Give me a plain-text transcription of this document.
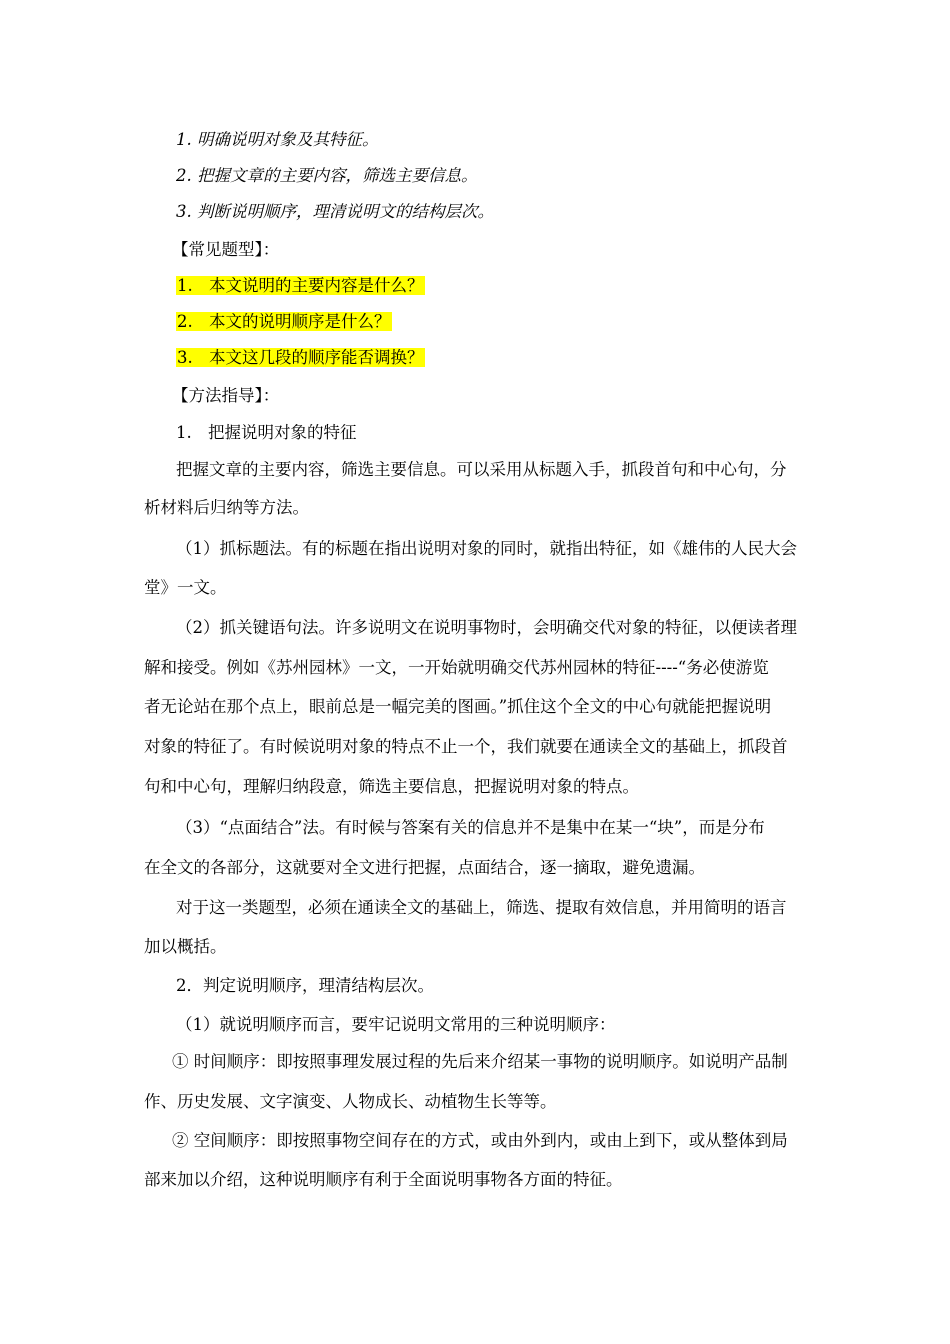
1. 明确说明对象及其特征。
2. 把握文章的主要内容，筛选主要信息。
3. 判断说明顺序，理清说明文的结构层次。
【常见题型】：
1. 本文说明的主要内容是什么？
2. 本文的说明顺序是什么？
3. 本文这几段的顺序能否调换？
【方法指导】：
1. 把握说明对象的特征
把握文章的主要内容，筛选主要信息。可以采用从标题入手，抓段首句和中心句，分
析材料后归纳等方法。
（1）抓标题法。有的标题在指出说明对象的同时，就指出特征，如《雄伟的人民大会
堂》一文。
（2）抓关键语句法。许多说明文在说明事物时，会明确交代对象的特征，以便读者理
解和接受。例如《苏州园林》一文，一开始就明确交代苏州园林的特征----“务必使游览
者无论站在那个点上，眼前总是一幅完美的图画。”抓住这个全文的中心句就能把握说明
对象的特征了。有时候说明对象的特点不止一个，我们就要在通读全文的基础上，抓段首
句和中心句，理解归纳段意，筛选主要信息，把握说明对象的特点。
（3）“点面结合”法。有时候与答案有关的信息并不是集中在某一“块”，而是分布
在全文的各部分，这就要对全文进行把握，点面结合，逐一摘取，避免遗漏。
对于这一类题型，必须在通读全文的基础上，筛选、提取有效信息，并用简明的语言
加以概括。
2．判定说明顺序，理清结构层次。
（1）就说明顺序而言，要牢记说明文常用的三种说明顺序：
① 时间顺序：即按照事理发展过程的先后来介绍某一事物的说明顺序。如说明产品制
作、历史发展、文字演变、人物成长、动植物生长等等。
② 空间顺序：即按照事物空间存在的方式，或由外到内，或由上到下，或从整体到局
部来加以介绍，这种说明顺序有利于全面说明事物各方面的特征。
